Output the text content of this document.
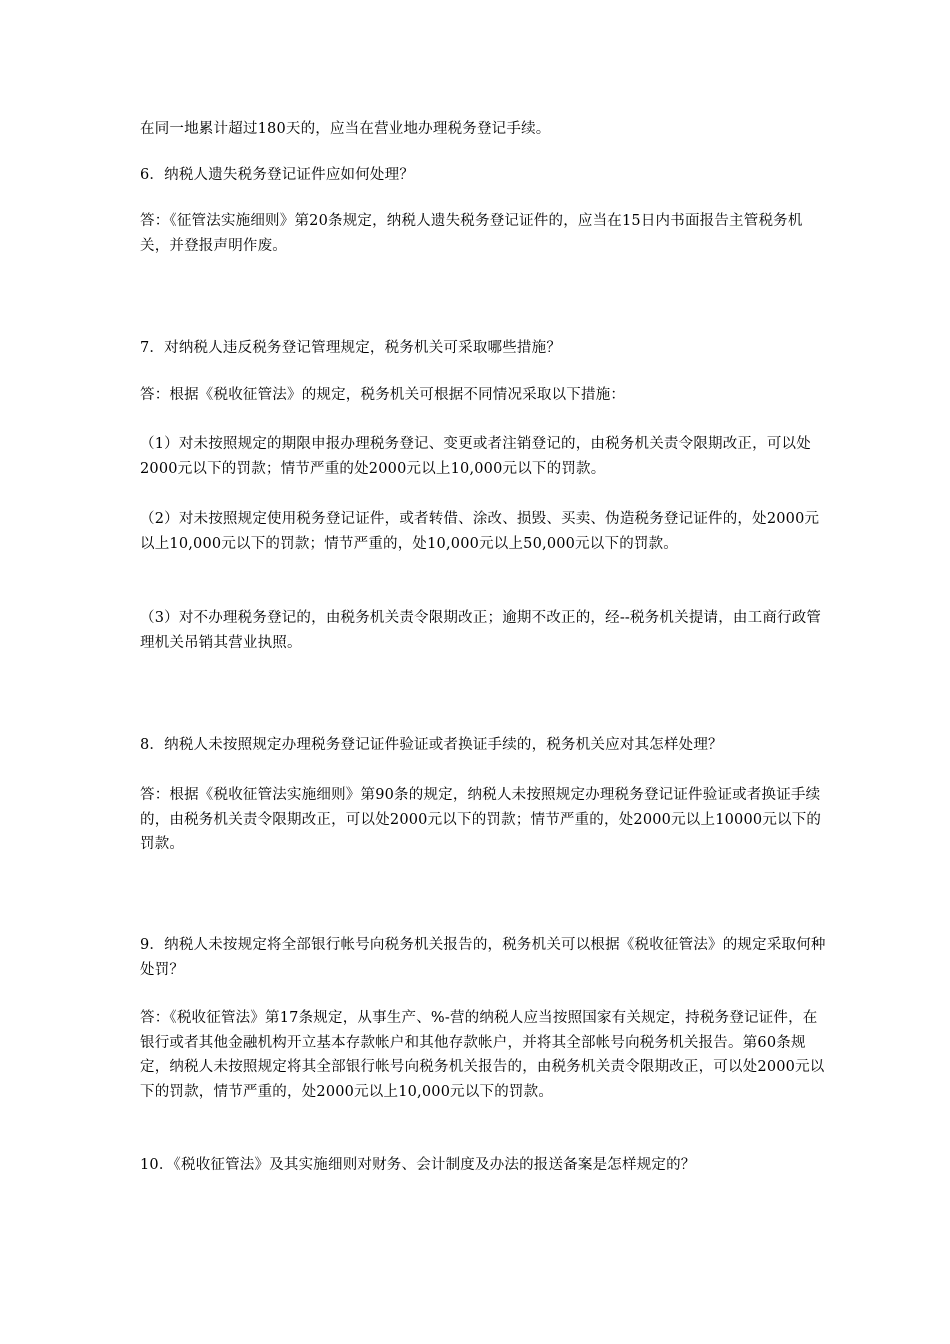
在同一地累计超过180天的，应当在营业地办理税务登记手续。

6．纳税人遗失税务登记证件应如何处理？

答：《征管法实施细则》第20条规定，纳税人遗失税务登记证件的，应当在15日内书面报告主管税务机关，并登报声明作废。

7．对纳税人违反税务登记管理规定，税务机关可采取哪些措施？

答：根据《税收征管法》的规定，税务机关可根据不同情况采取以下措施：

（1）对未按照规定的期限申报办理税务登记、变更或者注销登记的，由税务机关责令限期改正，可以处2000元以下的罚款；情节严重的处2000元以上10,000元以下的罚款。

（2）对未按照规定使用税务登记证件，或者转借、涂改、损毁、买卖、伪造税务登记证件的，处2000元以上10,000元以下的罚款；情节严重的，处10,000元以上50,000元以下的罚款。

（3）对不办理税务登记的，由税务机关责令限期改正；逾期不改正的，经--税务机关提请，由工商行政管理机关吊销其营业执照。

8．纳税人未按照规定办理税务登记证件验证或者换证手续的，税务机关应对其怎样处理？

答：根据《税收征管法实施细则》第90条的规定，纳税人未按照规定办理税务登记证件验证或者换证手续的，由税务机关责令限期改正，可以处2000元以下的罚款；情节严重的，处2000元以上10000元以下的罚款。

9．纳税人未按规定将全部银行帐号向税务机关报告的，税务机关可以根据《税收征管法》的规定采取何种处罚？

答：《税收征管法》第17条规定，从事生产、%-营的纳税人应当按照国家有关规定，持税务登记证件，在银行或者其他金融机构开立基本存款帐户和其他存款帐户，并将其全部帐号向税务机关报告。第60条规定，纳税人未按照规定将其全部银行帐号向税务机关报告的，由税务机关责令限期改正，可以处2000元以下的罚款，情节严重的，处2000元以上10,000元以下的罚款。

10．《税收征管法》及其实施细则对财务、会计制度及办法的报送备案是怎样规定的？
